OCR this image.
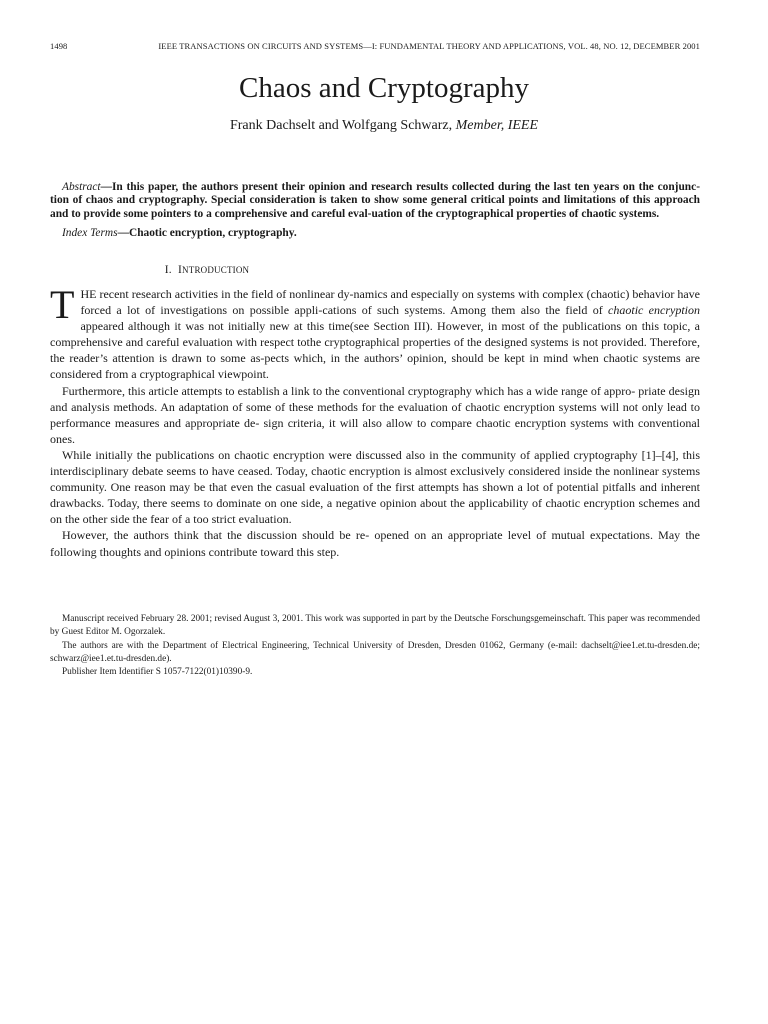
1498	IEEE TRANSACTIONS ON CIRCUITS AND SYSTEMS—I: FUNDAMENTAL THEORY AND APPLICATIONS, VOL. 48, NO. 12, DECEMBER 2001
Chaos and Cryptography
Frank Dachselt and Wolfgang Schwarz, Member, IEEE
Abstract—In this paper, the authors present their opinion and research results collected during the last ten years on the conjunc- tion of chaos and cryptography. Special consideration is taken to show some general critical points and limitations of this approach and to provide some pointers to a comprehensive and careful eval-uation of the cryptographical properties of chaotic systems.
Index Terms—Chaotic encryption, cryptography.
I. INTRODUCTION

T HE recent research activities in the field of nonlinear dy-namics and especially on systems with complex (chaotic) behavior have forced a lot of investigations on possible appli-cations of such systems. Among them also the field of chaotic encryption appeared although it was not initially new at this time(see Section III). However, in most of the publications on this topic, a comprehensive and careful evaluation with respect tothe cryptographical properties of the designed systems is not provided. Therefore, the reader’s attention is drawn to some as-pects which, in the authors’ opinion, should be kept in mind when chaotic systems are considered from a cryptographical viewpoint.

Furthermore, this article attempts to establish a link to the conventional cryptography which has a wide range of appro- priate design and analysis methods. An adaptation of some of these methods for the evaluation of chaotic encryption systems will not only lead to performance measures and appropriate de- sign criteria, it will also allow to compare chaotic encryption systems with conventional ones.

While initially the publications on chaotic encryption were discussed also in the community of applied cryptography [1]–[4], this interdisciplinary debate seems to have ceased. Today, chaotic encryption is almost exclusively considered inside the nonlinear systems community. One reason may be that even the casual evaluation of the first attempts has shown a lot of potential pitfalls and inherent drawbacks. Today, there seems to dominate on one side, a negative opinion about the applicability of chaotic encryption schemes and on the other side the fear of a too strict evaluation.

However, the authors think that the discussion should be re- opened on an appropriate level of mutual expectations. May the following thoughts and opinions contribute toward this step.

Manuscript received February 28. 2001; revised August 3, 2001. This work was supported in part by the Deutsche Forschungsgemeinschaft. This paper was recommended by Guest Editor M. Ogorzalek.

The authors are with the Department of Electrical Engineering, Technical University of Dresden, Dresden 01062, Germany (e-mail: dachselt@iee1.et.tu-dresden.de; schwarz@iee1.et.tu-dresden.de).

Publisher Item Identifier S 1057-7122(01)10390-9.
